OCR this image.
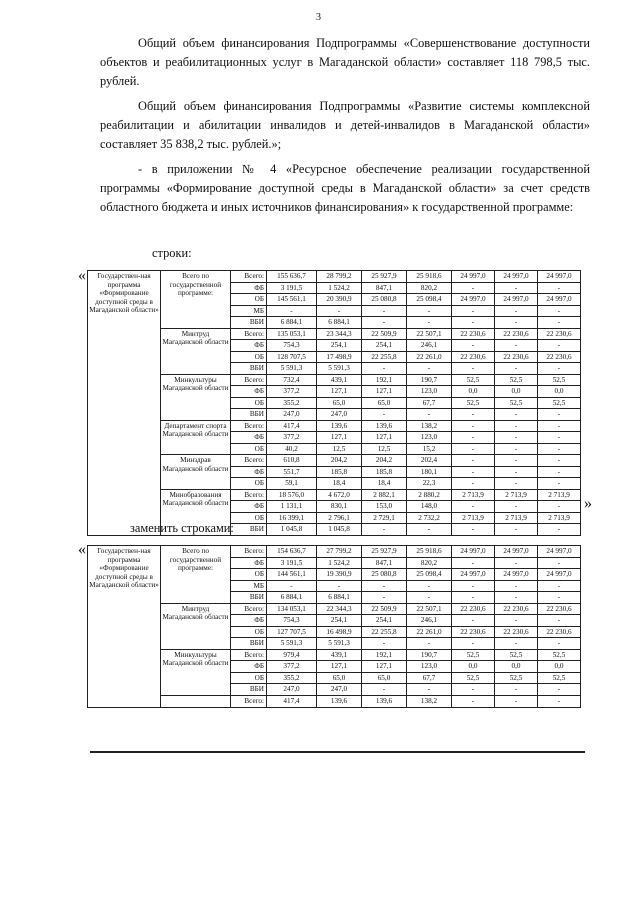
3

Общий объем финансирования Подпрограммы «Совершенствование доступности объектов и реабилитационных услуг в Магаданской области» составляет 118 798,5 тыс. рублей.

Общий объем финансирования Подпрограммы «Развитие системы комплексной реабилитации и абилитации инвалидов и детей-инвалидов в Магаданской области» составляет 35 838,2 тыс. рублей.»;

- в приложении № 4 «Ресурсное обеспечение реализации государственной программы «Формирование доступной среды в Магаданской области» за счет средств областного бюджета и иных источников финансирования» к государственной программе:

строки:
« Государствен-ная программа «Формирование доступной среды в Магаданской области»	Всего по государственной программе:	Всего:	155 636,7	28 799,2	25 927,9	25 918,6	24 997,0	24 997,0	24 997,0
		ФБ	3 191,5	1 524,2	847,1	820,2	-	-	-
		ОБ	145 561,1	20 390,9	25 080,8	25 098,4	24 997,0	24 997,0	24 997,0
		МБ	-	-	-	-	-	-	-
		ВБИ	6 884,1	6 884,1	-	-	-	-	-
	Минтруд Магаданской области	Всего:	135 053,1	23 344,3	22 509,9	22 507,1	22 230,6	22 230,6	22 230,6
		ФБ	754,3	254,1	254,1	246,1	-	-	-
		ОБ	128 707,5	17 498,9	22 255,8	22 261,0	22 230,6	22 230,6	22 230,6
		ВБИ	5 591,3	5 591,3	-	-	-	-	-
	Минкультуры Магаданской области	Всего:	732,4	439,1	192,1	190,7	52,5	52,5	52,5
		ФБ	377,2	127,1	127,1	123,0	0,0	0,0	0,0
		ОБ	355,2	65,0	65,0	67,7	52,5	52,5	52,5
		ВБИ	247,0	247,0	-	-	-	-	-
	Департамент спорта Магаданской области	Всего:	417,4	139,6	139,6	138,2	-	-	-
		ФБ	377,2	127,1	127,1	123,0	-	-	-
		ОБ	40,2	12,5	12,5	15,2	-	-	-
	Минздрав Магаданской области	Всего:	610,8	204,2	204,2	202,4	-	-	-
		ФБ	551,7	185,8	185,8	180,1	-	-	-
		ОБ	59,1	18,4	18,4	22,3	-	-	-
	Минобразования Магаданской области	Всего:	18 576,0	4 672,0	2 882,1	2 880,2	2 713,9	2 713,9	2 713,9
		ФБ	1 131,1	830,1	153,0	148,0	-	-	-
		ОБ	16 399,1	2 796,1	2 729,1	2 732,2	2 713,9	2 713,9	2 713,9
		ВБИ	1 045,8	1 045,8	-	-	-	-	-
»
заменить строками:
« Государствен-ная программа «Формирование доступной среды в Магаданской области»	Всего по государственной программе:	Всего:	154 636,7	27 799,2	25 927,9	25 918,6	24 997,0	24 997,0	24 997,0
		ФБ	3 191,5	1 524,2	847,1	820,2	-	-	-
		ОБ	144 561,1	19 390,9	25 080,8	25 098,4	24 997,0	24 997,0	24 997,0
		МБ	-	-	-	-	-	-	-
		ВБИ	6 884,1	6 884,1	-	-	-	-	-
	Минтруд Магаданской области	Всего:	134 053,1	22 344,3	22 509,9	22 507,1	22 230,6	22 230,6	22 230,6
		ФБ	754,3	254,1	254,1	246,1	-	-	-
		ОБ	127 707,5	16 498,9	22 255,8	22 261,0	22 230,6	22 230,6	22 230,6
		ВБИ	5 591,3	5 591,3	-	-	-	-	-
	Минкультуры Магаданской области	Всего:	979,4	439,1	192,1	190,7	52,5	52,5	52,5
		ФБ	377,2	127,1	127,1	123,0	0,0	0,0	0,0
		ОБ	355,2	65,0	65,0	67,7	52,5	52,5	52,5
		ВБИ	247,0	247,0	-	-	-	-	-
		Всего:	417,4	139,6	139,6	138,2	-	-	-
